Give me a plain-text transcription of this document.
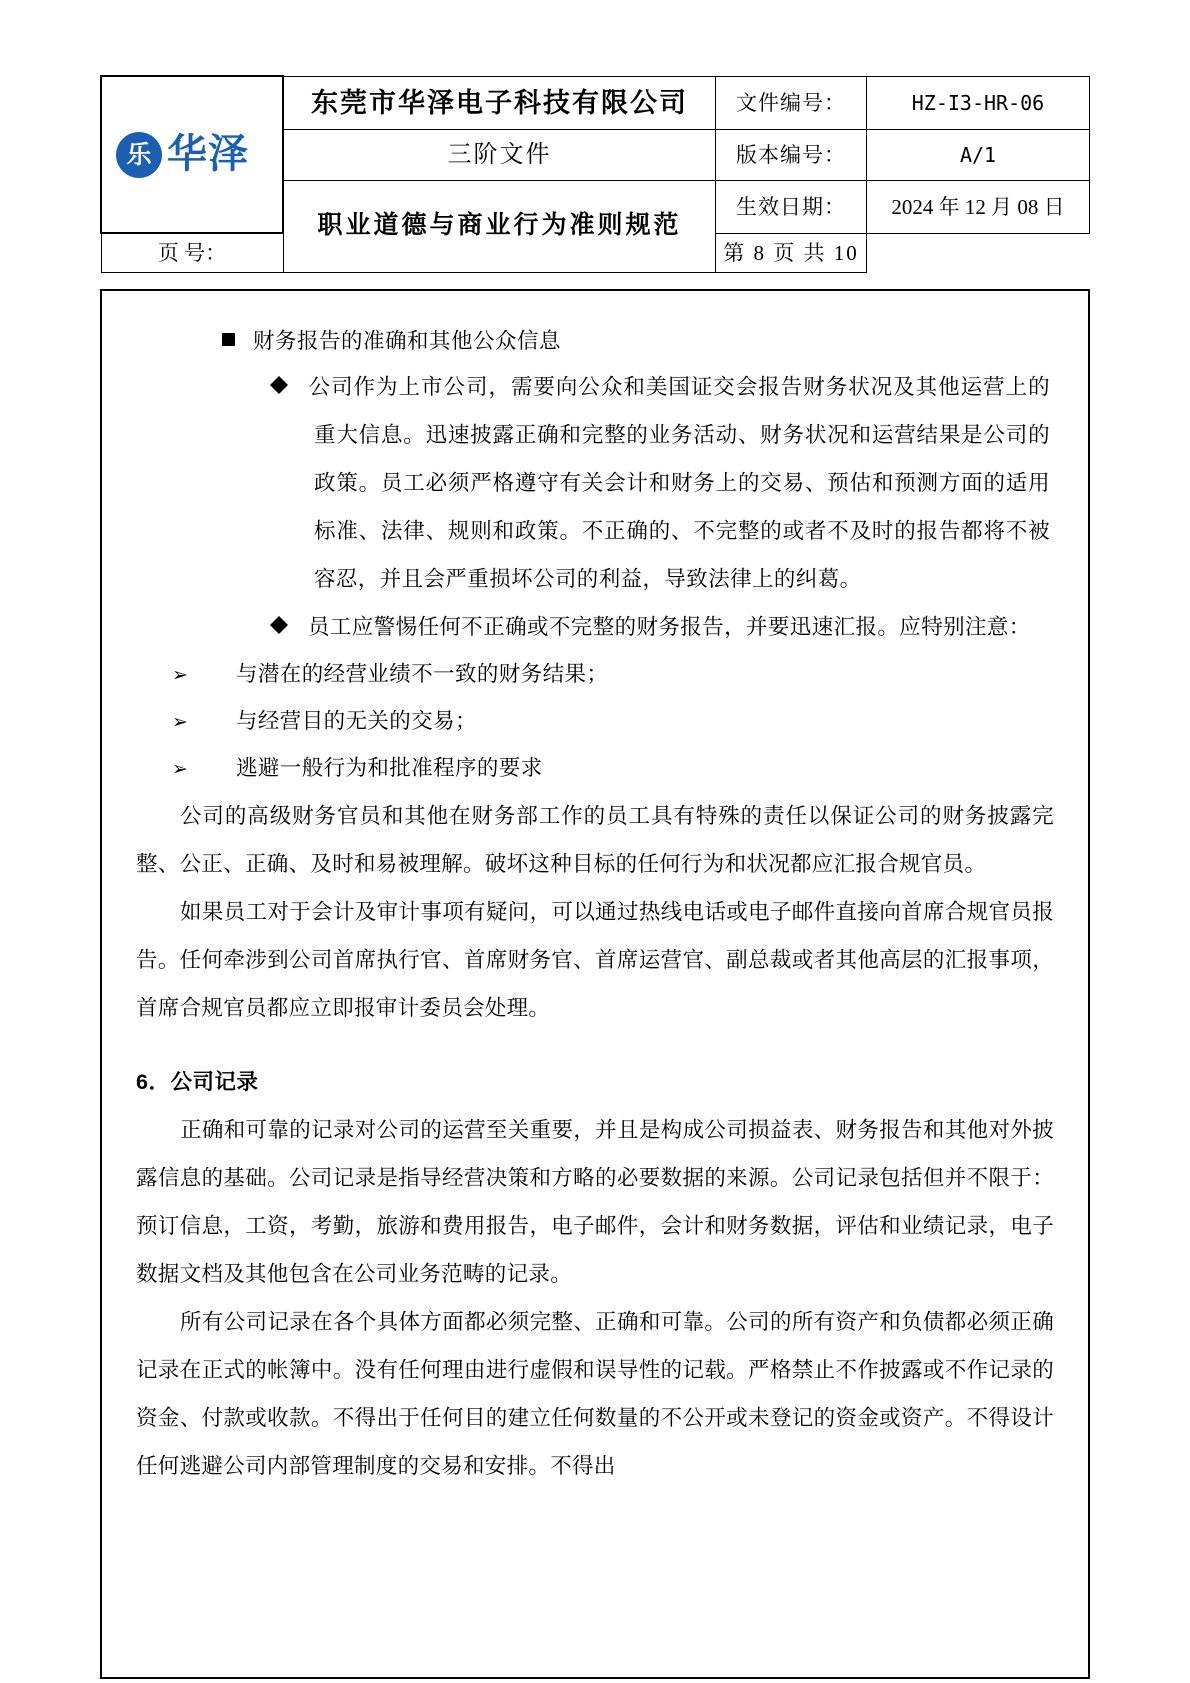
乐 华泽	东莞市华泽电子科技有限公司	文件编号：	HZ-I3-HR-06
	三阶文件	版本编号：	A/1
	职业道德与商业行为准则规范	生效日期：	2024 年 12 月 08 日
页 号：		第 8 页 共 10	

财务报告的准确和其他公众信息

公司作为上市公司，需要向公众和美国证交会报告财务状况及其他运营上的重大信息。迅速披露正确和完整的业务活动、财务状况和运营结果是公司的政策。员工必须严格遵守有关会计和财务上的交易、预估和预测方面的适用标准、法律、规则和政策。不正确的、不完整的或者不及时的报告都将不被容忍，并且会严重损坏公司的利益，导致法律上的纠葛。

员工应警惕任何不正确或不完整的财务报告，并要迅速汇报。应特别注意：

➢ 与潜在的经营业绩不一致的财务结果；

➢ 与经营目的无关的交易；

➢ 逃避一般行为和批准程序的要求

公司的高级财务官员和其他在财务部工作的员工具有特殊的责任以保证公司的财务披露完整、公正、正确、及时和易被理解。破坏这种目标的任何行为和状况都应汇报合规官员。

如果员工对于会计及审计事项有疑问，可以通过热线电话或电子邮件直接向首席合规官员报告。任何牵涉到公司首席执行官、首席财务官、首席运营官、副总裁或者其他高层的汇报事项，首席合规官员都应立即报审计委员会处理。

6．公司记录

正确和可靠的记录对公司的运营至关重要，并且是构成公司损益表、财务报告和其他对外披露信息的基础。公司记录是指导经营决策和方略的必要数据的来源。公司记录包括但并不限于：预订信息，工资，考勤，旅游和费用报告，电子邮件，会计和财务数据，评估和业绩记录，电子数据文档及其他包含在公司业务范畴的记录。

所有公司记录在各个具体方面都必须完整、正确和可靠。公司的所有资产和负债都必须正确记录在正式的帐簿中。没有任何理由进行虚假和误导性的记载。严格禁止不作披露或不作记录的资金、付款或收款。不得出于任何目的建立任何数量的不公开或未登记的资金或资产。不得设计任何逃避公司内部管理制度的交易和安排。不得出
